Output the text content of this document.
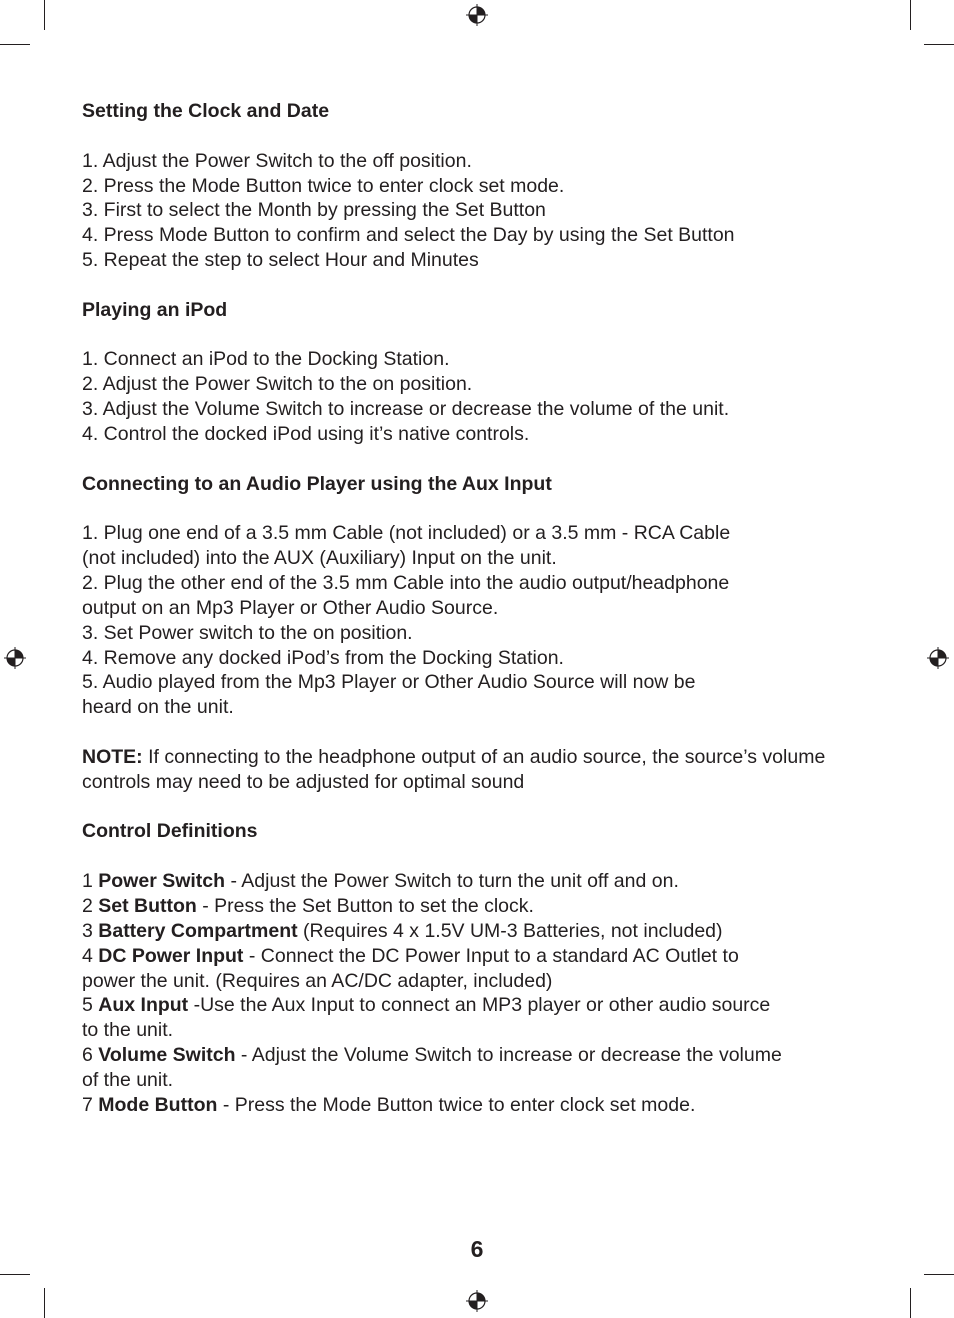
Setting the Clock and Date

1. Adjust the Power Switch to the off position.

2. Press the Mode Button twice to enter clock set mode.

3. First to select the Month by pressing the Set Button

4. Press Mode Button to confirm and select the Day by using the Set Button

5. Repeat the step to select Hour and Minutes

Playing an iPod

1. Connect an iPod to the Docking Station.

2. Adjust the Power Switch to the on position.

3. Adjust the Volume Switch to increase or decrease the volume of the unit.

4. Control the docked iPod using it’s native controls.

Connecting to an Audio Player using the Aux Input

1. Plug one end of a 3.5 mm Cable (not included) or a 3.5 mm - RCA Cable

(not included) into the AUX (Auxiliary) Input on the unit.

2. Plug the other end of the 3.5 mm Cable into the audio output/headphone

output on an Mp3 Player or Other Audio Source.

3. Set Power switch to the on position.

4. Remove any docked iPod’s from the Docking Station.

5. Audio played from the Mp3 Player or Other Audio Source will now be

heard on the unit.

NOTE: If connecting to the headphone output of an audio source, the source’s volume

controls may need to be adjusted for optimal sound

Control Definitions

1 Power Switch - Adjust the Power Switch to turn the unit off and on.

2 Set Button - Press the Set Button to set the clock.

3 Battery Compartment (Requires 4 x 1.5V UM-3 Batteries, not included)

4 DC Power Input - Connect the DC Power Input to a standard AC Outlet to

power the unit. (Requires an AC/DC adapter, included)

5 Aux Input -Use the Aux Input to connect an MP3 player or other audio source

to the unit.

6 Volume Switch - Adjust the Volume Switch to increase or decrease the volume

of the unit.

7 Mode Button - Press the Mode Button twice to enter clock set mode.

6
